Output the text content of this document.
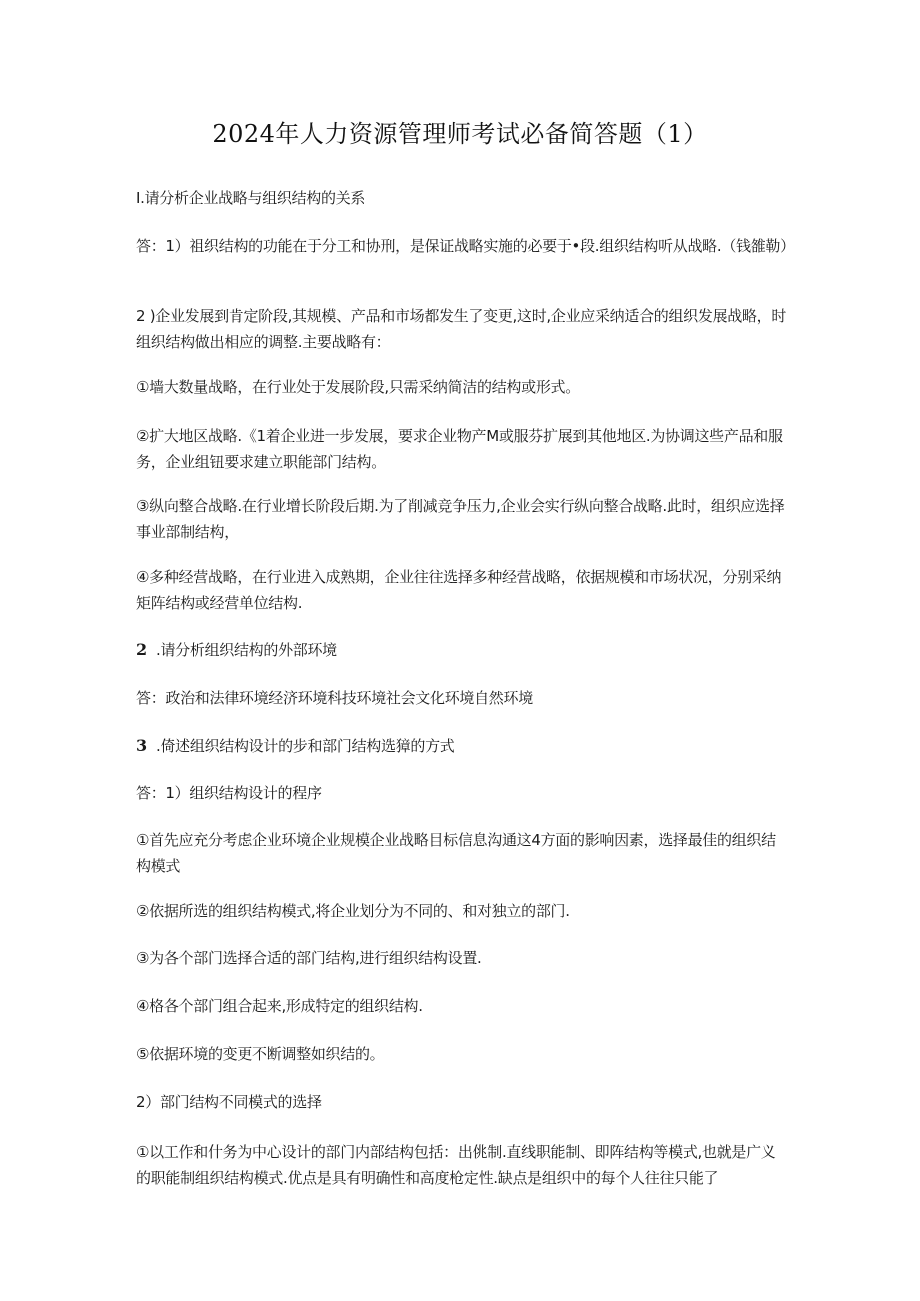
2024年人力资源管理师考试必备简答题（1）

I.请分析企业战略与组织结构的关系

答：1）祖织结构的功能在于分工和协刑，是保证战略实施的必要于•段.组织结构听从战略.（钱雒勒）

2 )企业发展到肯定阶段,其规模、产品和市场都发生了变更,这时,企业应采纳适合的组织发展战略，时组织结构做出相应的调整.主要战略有：

①墙大数量战略，在行业处于发展阶段,只需采纳简洁的结构或形式。

②扩大地区战略.《1着企业进一步发展，要求企业物产M或服芬扩展到其他地区.为协调这些产品和服务，企业组钮要求建立职能部门结构。

③纵向整合战略.在行业增长阶段后期.为了削减竞争压力,企业会实行纵向整合战略.此时，组织应选择事业部制结构，

④多种经营战略，在行业进入成熟期，企业往往选择多种经营战略，依据规模和市场状况，分别采纳矩阵结构或经营单位结构.

2 .请分析组织结构的外部环境

答：政治和法律环境经济环境科技环境社会文化环境自然环境

3 .倚述组织结构设计的步和部门结构选獐的方式

答：1）组织结构设计的程序

①首先应充分考虑企业环境企业规模企业战略目标信息沟通这4方面的影响因素，选择最佳的组织结构模式

②依据所选的组织结构模式,将企业划分为不同的、和对独立的部门.

③为各个部门选择合适的部门结构,进行组织结构设置.

④格各个部门组合起来,形成特定的组织结构.

⑤依据环境的变更不断调整如织结的。

2）部门结构不同模式的选择

①以工作和什务为中心设计的部门内部结构包括：出佻制.直线职能制、即阵结构等模式,也就是广义的职能制组织结构模式.优点是具有明确性和高度枪定性.缺点是组织中的每个人往往只能了
